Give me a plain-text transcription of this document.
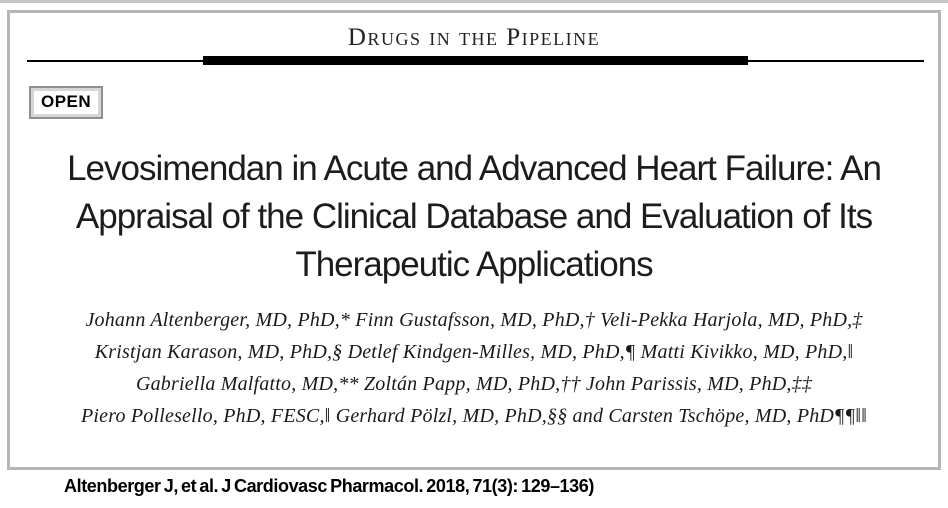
Drugs in the Pipeline
OPEN
Levosimendan in Acute and Advanced Heart Failure: An
Appraisal of the Clinical Database and Evaluation of Its
Therapeutic Applications
Johann Altenberger, MD, PhD,* Finn Gustafsson, MD, PhD,† Veli-Pekka Harjola, MD, PhD,‡
Kristjan Karason, MD, PhD,§ Detlef Kindgen-Milles, MD, PhD,¶ Matti Kivikko, MD, PhD,‖
Gabriella Malfatto, MD,** Zoltán Papp, MD, PhD,†† John Parissis, MD, PhD,‡‡
Piero Pollesello, PhD, FESC,‖ Gerhard Pölzl, MD, PhD,§§ and Carsten Tschöpe, MD, PhD¶¶‖‖
Altenberger J, et al. J Cardiovasc Pharmacol. 2018, 71(3): 129–136)
